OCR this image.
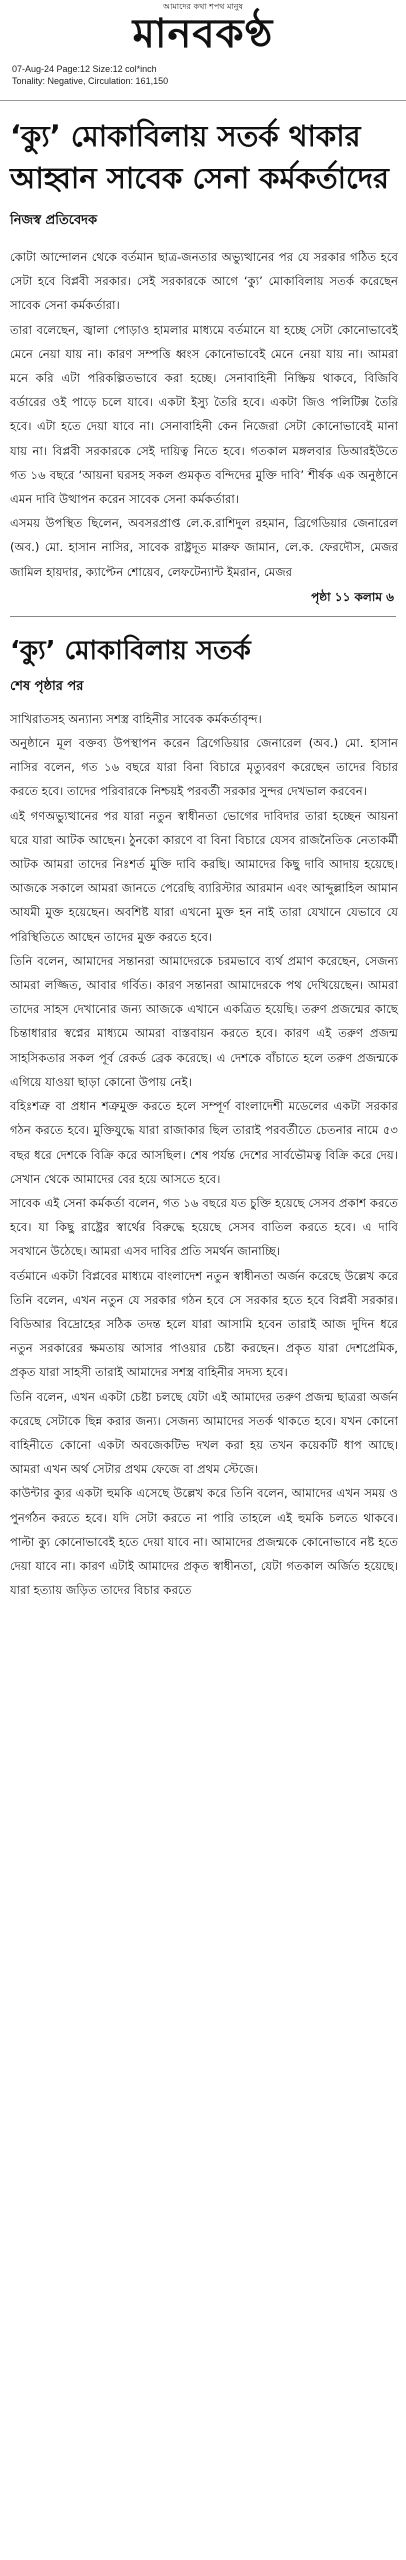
আমাদের কথা শপথ মানুষ
মানবকণ্ঠ
07-Aug-24 Page:12 Size:12 col*inch
Tonality: Negative, Circulation: 161,150
‘ক্যু’ মোকাবিলায় সতর্ক থাকার আহ্বান সাবেক সেনা কর্মকর্তাদের
নিজস্ব প্রতিবেদক

কোটা আন্দোলন থেকে বর্তমান ছাত্র-জনতার অভ্যুত্থানের পর যে সরকার গঠিত হবে সেটা হবে বিপ্লবী সরকার। সেই সরকারকে আগে ‘ক্যু’ মোকাবিলায় সতর্ক করেছেন সাবেক সেনা কর্মকর্তারা।

তারা বলেছেন, জ্বালা পোড়াও হামলার মাধ্যমে বর্তমানে যা হচ্ছে সেটা কোনোভাবেই মেনে নেয়া যায় না। কারণ সম্পত্তি ধ্বংস কোনোভাবেই মেনে নেয়া যায় না। আমরা মনে করি এটা পরিকল্পিতভাবে করা হচ্ছে। সেনাবাহিনী নিষ্ক্রিয় থাকবে, বিজিবি বর্ডারের ওই পাড়ে চলে যাবে। একটা ইস্যু তৈরি হবে। একটা জিও পলিটিক্স তৈরি হবে। এটা হতে দেয়া যাবে না। সেনাবাহিনী কেন নিজেরা সেটা কোনোভাবেই মানা যায় না। বিপ্লবী সরকারকে সেই দায়িত্ব নিতে হবে। গতকাল মঙ্গলবার ডিআরইউতে গত ১৬ বছরে ‘আয়না ঘরসহ সকল গুমকৃত বন্দিদের মুক্তি দাবি’ শীর্ষক এক অনুষ্ঠানে এমন দাবি উত্থাপন করেন সাবেক সেনা কর্মকর্তারা।

এসময় উপস্থিত ছিলেন, অবসরপ্রাপ্ত লে.ক.রাশিদুল রহমান, ব্রিগেডিয়ার জেনারেল (অব.) মো. হাসান নাসির, সাবেক রাষ্ট্রদূত মারুফ জামান, লে.ক. ফেরদৌস, মেজর জামিল হায়দার, ক্যাপ্টেন শোয়েব, লেফটেন্যান্ট ইমরান, মেজর

পৃষ্ঠা ১১ কলাম ৬
‘ক্যু’ মোকাবিলায় সতর্ক
শেষ পৃষ্ঠার পর

সাখিরাতসহ অন্যান্য সশস্ত্র বাহিনীর সাবেক কর্মকর্তাবৃন্দ।

অনুষ্ঠানে মূল বক্তব্য উপস্থাপন করেন ব্রিগেডিয়ার জেনারেল (অব.) মো. হাসান নাসির বলেন, গত ১৬ বছরে যারা বিনা বিচারে মৃত্যুবরণ করেছেন তাদের বিচার করতে হবে। তাদের পরিবারকে নিশ্চয়ই পরবর্তী সরকার সুন্দর দেখভাল করবেন।

এই গণঅভ্যুত্থানের পর যারা নতুন স্বাধীনতা ভোগের দাবিদার তারা হচ্ছেন আয়না ঘরে যারা আটক আছেন। ঠুনকো কারণে বা বিনা বিচারে যেসব রাজনৈতিক নেতাকর্মী আটক আমরা তাদের নিঃশর্ত মুক্তি দাবি করছি। আমাদের কিছু দাবি আদায় হয়েছে। আজকে সকালে আমরা জানতে পেরেছি ব্যারিস্টার আরমান এবং আব্দুল্লাহিল আমান আযমী মুক্ত হয়েছেন। অবশিষ্ট যারা এখনো মুক্ত হন নাই তারা যেখানে যেভাবে যে পরিস্থিতিতে আছেন তাদের মুক্ত করতে হবে।

তিনি বলেন, আমাদের সন্তানরা আমাদেরকে চরমভাবে ব্যর্থ প্রমাণ করেছেন, সেজন্য আমরা লজ্জিত, আবার গর্বিত। কারণ সন্তানরা আমাদেরকে পথ দেখিয়েছেন। আমরা তাদের সাহস দেখানোর জন্য আজকে এখানে একত্রিত হয়েছি। তরুণ প্রজন্মের কাছে চিন্তাধারার স্বপ্নের মাধ্যমে আমরা বাস্তবায়ন করতে হবে। কারণ এই তরুণ প্রজন্ম সাহসিকতার সকল পূর্ব রেকর্ড ব্রেক করেছে। এ দেশকে বাঁচাতে হলে তরুণ প্রজন্মকে এগিয়ে যাওয়া ছাড়া কোনো উপায় নেই।

বহিঃশত্রু বা প্রধান শত্রুমুক্ত করতে হলে সম্পূর্ণ বাংলাদেশী মডেলের একটা সরকার গঠন করতে হবে। মুক্তিযুদ্ধে যারা রাজাকার ছিল তারাই পরবর্তীতে চেতনার নামে ৫৩ বছর ধরে দেশকে বিক্রি করে আসছিল। শেষ পর্যন্ত দেশের সার্বভৌমত্ব বিক্রি করে দেয়। সেখান থেকে আমাদের বের হয়ে আসতে হবে।

সাবেক এই সেনা কর্মকর্তা বলেন, গত ১৬ বছরে যত চুক্তি হয়েছে সেসব প্রকাশ করতে হবে। যা কিছু রাষ্ট্রের স্বার্থের বিরুদ্ধে হয়েছে সেসব বাতিল করতে হবে। এ দাবি সবখানে উঠেছে। আমরা এসব দাবির প্রতি সমর্থন জানাচ্ছি।

বর্তমানে একটা বিপ্লবের মাধ্যমে বাংলাদেশ নতুন স্বাধীনতা অর্জন করেছে উল্লেখ করে তিনি বলেন, এখন নতুন যে সরকার গঠন হবে সে সরকার হতে হবে বিপ্লবী সরকার। বিডিআর বিদ্রোহের সঠিক তদন্ত হলে যারা আসামি হবেন তারাই আজ দুদিন ধরে নতুন সরকারের ক্ষমতায় আসার পাওয়ার চেষ্টা করছেন। প্রকৃত যারা দেশপ্রেমিক, প্রকৃত যারা সাহসী তারাই আমাদের সশস্ত্র বাহিনীর সদস্য হবে।

তিনি বলেন, এখন একটা চেষ্টা চলছে যেটা এই আমাদের তরুণ প্রজন্ম ছাত্ররা অর্জন করেছে সেটাকে ছিন্ন করার জন্য। সেজন্য আমাদের সতর্ক থাকতে হবে। যখন কোনো বাহিনীতে কোনো একটা অবজেকটিভ দখল করা হয় তখন কয়েকটি ধাপ আছে। আমরা এখন অর্থ সেটার প্রথম ফেজে বা প্রথম স্টেজে।

কাউন্টার ক্যুর একটা হুমকি এসেছে উল্লেখ করে তিনি বলেন, আমাদের এখন সময় ও পুনর্গঠন করতে হবে। যদি সেটা করতে না পারি তাহলে এই হুমকি চলতে থাকবে। পাল্টা ক্যু কোনোভাবেই হতে দেয়া যাবে না। আমাদের প্রজন্মকে কোনোভাবে নষ্ট হতে দেয়া যাবে না। কারণ এটাই আমাদের প্রকৃত স্বাধীনতা, যেটা গতকাল অর্জিত হয়েছে। যারা হত্যায় জড়িত তাদের বিচার করতে
